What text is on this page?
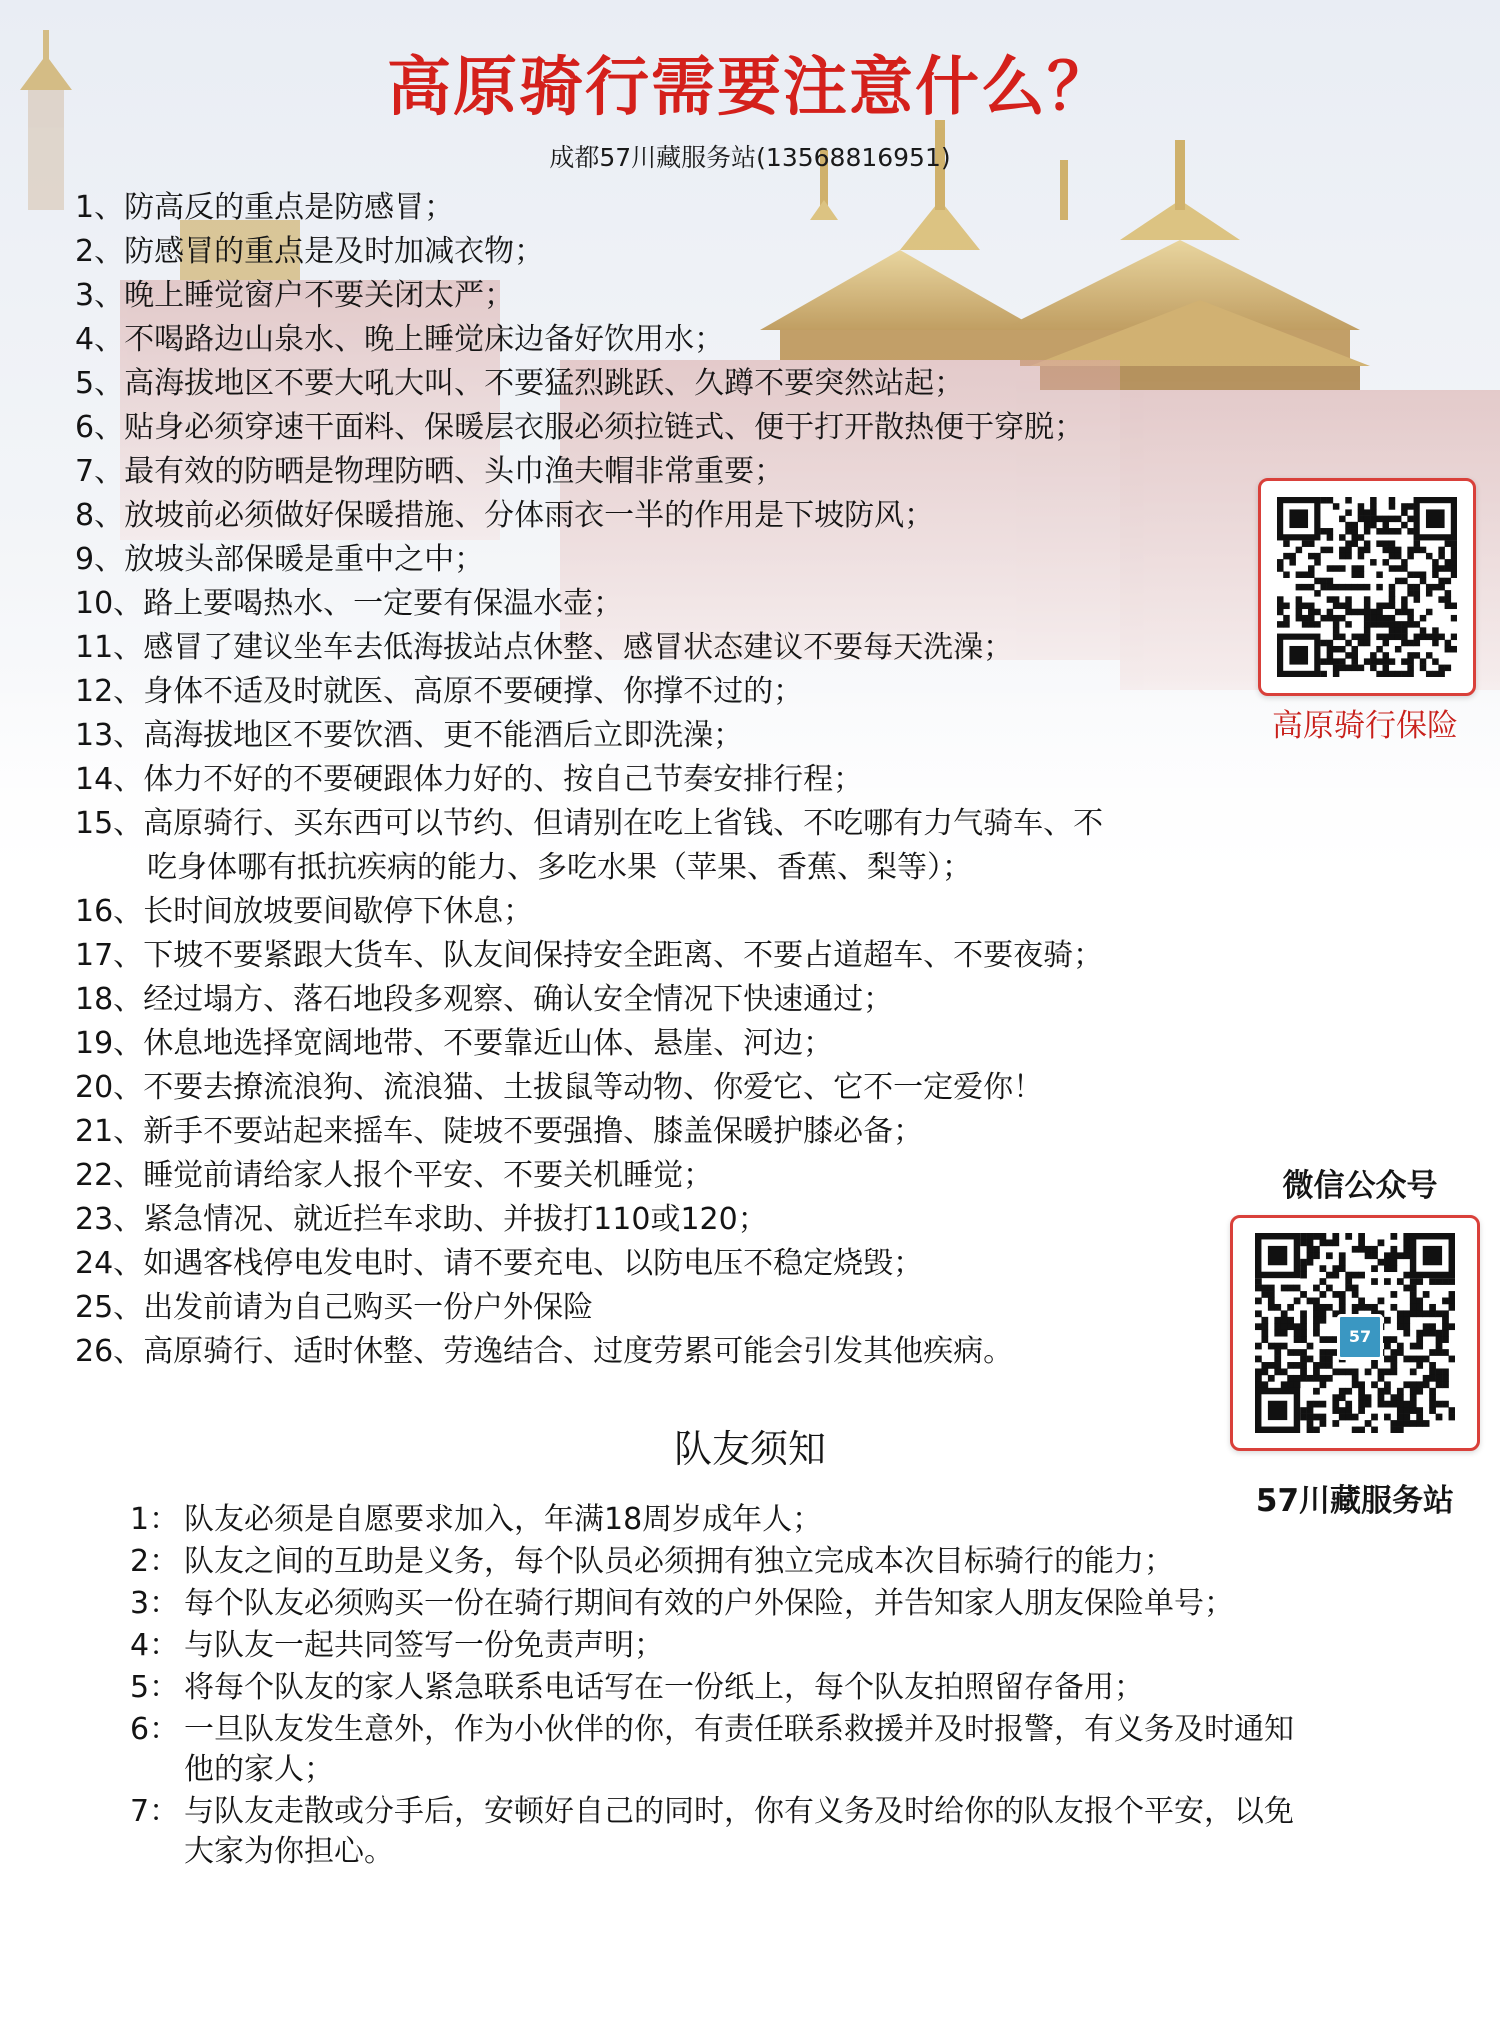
高原骑行需要注意什么？
成都57川藏服务站(13568816951)
1、防高反的重点是防感冒；
2、防感冒的重点是及时加减衣物；
3、晚上睡觉窗户不要关闭太严；
4、不喝路边山泉水、晚上睡觉床边备好饮用水；
5、高海拔地区不要大吼大叫、不要猛烈跳跃、久蹲不要突然站起；
6、贴身必须穿速干面料、保暖层衣服必须拉链式、便于打开散热便于穿脱；
7、最有效的防晒是物理防晒、头巾渔夫帽非常重要；
8、放坡前必须做好保暖措施、分体雨衣一半的作用是下坡防风；
9、放坡头部保暖是重中之中；
10、路上要喝热水、一定要有保温水壶；
11、感冒了建议坐车去低海拔站点休整、感冒状态建议不要每天洗澡；
12、身体不适及时就医、高原不要硬撑、你撑不过的；
13、高海拔地区不要饮酒、更不能酒后立即洗澡；
14、体力不好的不要硬跟体力好的、按自己节奏安排行程；
15、高原骑行、买东西可以节约、但请别在吃上省钱、不吃哪有力气骑车、不
吃身体哪有抵抗疾病的能力、多吃水果（苹果、香蕉、梨等）；
16、长时间放坡要间歇停下休息；
17、下坡不要紧跟大货车、队友间保持安全距离、不要占道超车、不要夜骑；
18、经过塌方、落石地段多观察、确认安全情况下快速通过；
19、休息地选择宽阔地带、不要靠近山体、悬崖、河边；
20、不要去撩流浪狗、流浪猫、土拔鼠等动物、你爱它、它不一定爱你！
21、新手不要站起来摇车、陡坡不要强撸、膝盖保暖护膝必备；
22、睡觉前请给家人报个平安、不要关机睡觉；
23、紧急情况、就近拦车求助、并拔打110或120；
24、如遇客栈停电发电时、请不要充电、以防电压不稳定烧毁；
25、出发前请为自己购买一份户外保险
26、高原骑行、适时休整、劳逸结合、过度劳累可能会引发其他疾病。
高原骑行保险
微信公众号
57
57川藏服务站
队友须知
1： 队友必须是自愿要求加入，年满18周岁成年人；
2： 队友之间的互助是义务，每个队员必须拥有独立完成本次目标骑行的能力；
3： 每个队友必须购买一份在骑行期间有效的户外保险，并告知家人朋友保险单号；
4： 与队友一起共同签写一份免责声明；
5： 将每个队友的家人紧急联系电话写在一份纸上，每个队友拍照留存备用；
6： 一旦队友发生意外，作为小伙伴的你，有责任联系救援并及时报警，有义务及时通知他的家人；
7： 与队友走散或分手后，安顿好自己的同时，你有义务及时给你的队友报个平安，以免大家为你担心。
